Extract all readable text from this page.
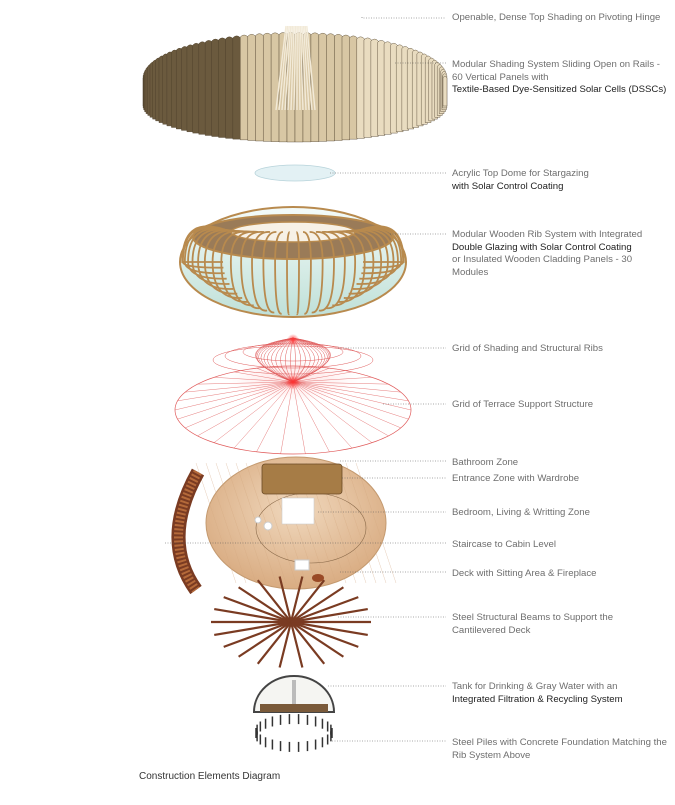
Openable, Dense Top Shading on Pivoting Hinge
Modular Shading System Sliding Open on Rails - 60 Vertical Panels with
Textile-Based Dye-Sensitized Solar Cells (DSSCs)
Acrylic Top Dome for Stargazing
with Solar Control Coating
Modular Wooden Rib System with Integrated
Double Glazing with Solar Control Coating
or Insulated Wooden Cladding Panels - 30 Modules
Grid of Shading and Structural Ribs
Grid of Terrace Support Structure
Bathroom Zone
Entrance Zone with Wardrobe
Bedroom, Living & Writting Zone
Staircase to Cabin Level
Deck with Sitting Area & Fireplace
Steel Structural Beams to Support the Cantilevered Deck
Tank for Drinking & Gray Water with an
Integrated Filtration & Recycling System
Steel Piles with Concrete Foundation Matching the Rib System Above
Construction Elements Diagram
